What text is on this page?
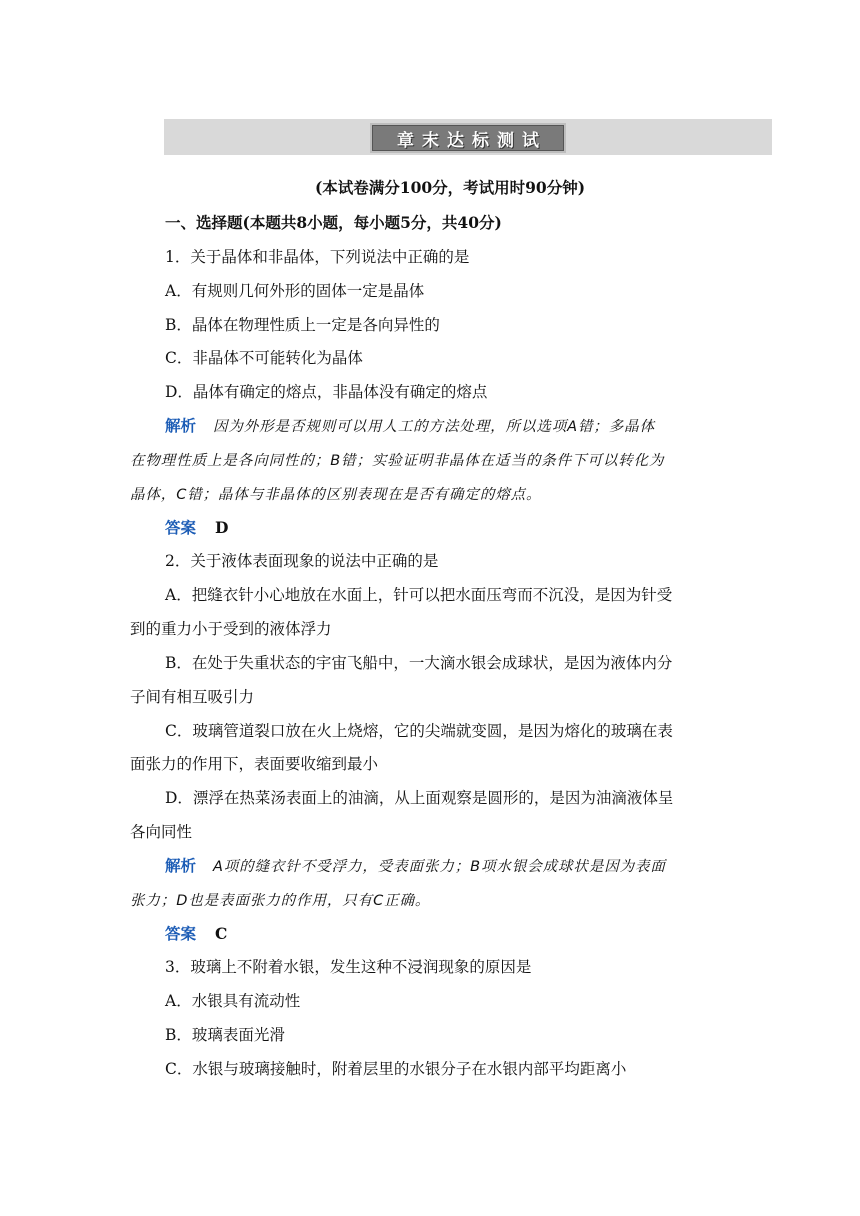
章末达标测试
(本试卷满分100分，考试用时90分钟)
一、选择题(本题共8小题，每小题5分，共40分)
1．关于晶体和非晶体，下列说法中正确的是
A．有规则几何外形的固体一定是晶体
B．晶体在物理性质上一定是各向异性的
C．非晶体不可能转化为晶体
D．晶体有确定的熔点，非晶体没有确定的熔点
解析 因为外形是否规则可以用人工的方法处理，所以选项A错；多晶体
在物理性质上是各向同性的；B错；实验证明非晶体在适当的条件下可以转化为
晶体，C错；晶体与非晶体的区别表现在是否有确定的熔点。
答案 D
2．关于液体表面现象的说法中正确的是
A．把缝衣针小心地放在水面上，针可以把水面压弯而不沉没，是因为针受
到的重力小于受到的液体浮力
B．在处于失重状态的宇宙飞船中，一大滴水银会成球状，是因为液体内分
子间有相互吸引力
C．玻璃管道裂口放在火上烧熔，它的尖端就变圆，是因为熔化的玻璃在表
面张力的作用下，表面要收缩到最小
D．漂浮在热菜汤表面上的油滴，从上面观察是圆形的，是因为油滴液体呈
各向同性
解析 A项的缝衣针不受浮力，受表面张力；B项水银会成球状是因为表面
张力；D也是表面张力的作用，只有C正确。
答案 C
3．玻璃上不附着水银，发生这种不浸润现象的原因是
A．水银具有流动性
B．玻璃表面光滑
C．水银与玻璃接触时，附着层里的水银分子在水银内部平均距离小
